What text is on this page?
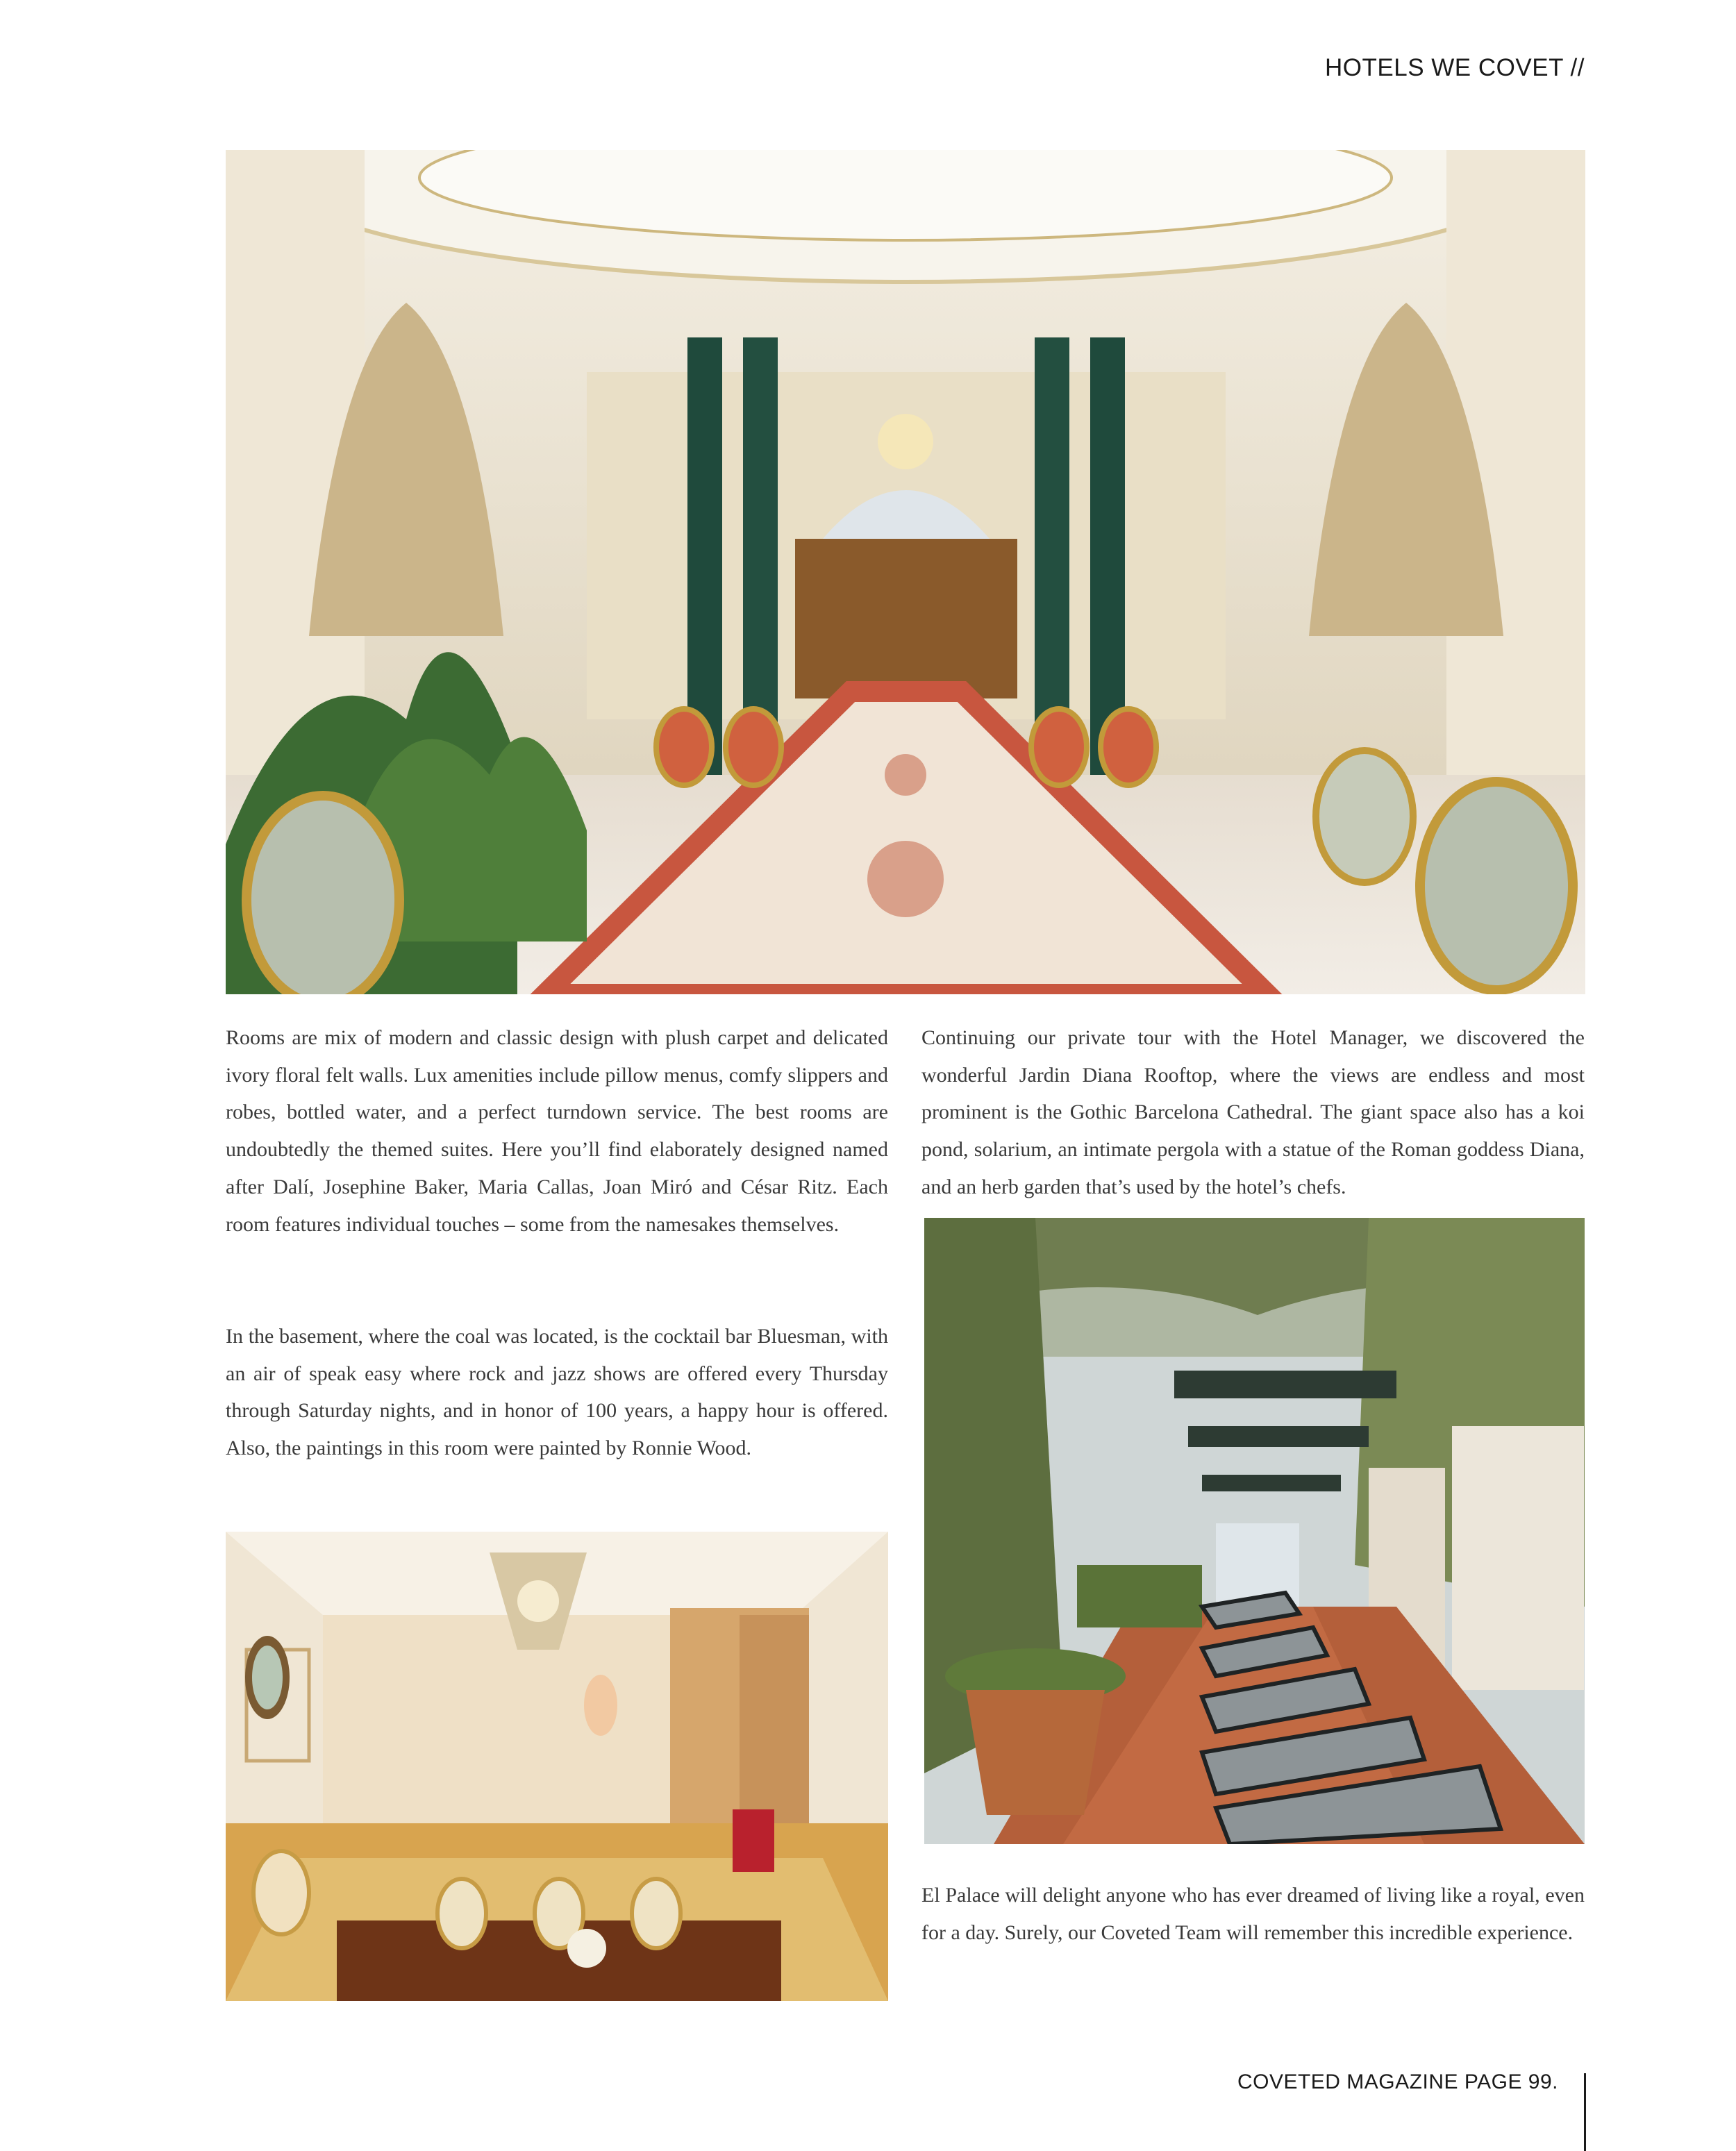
HOTELS WE COVET //

Rooms are mix of modern and classic design with plush carpet and delicated ivory floral felt walls. Lux amenities include pillow menus, comfy slippers and robes, bottled water, and a perfect turndown service. The best rooms are undoubtedly the themed suites. Here you’ll find elaborately designed named after Dalí, Josephine Baker, Maria Callas, Joan Miró and César Ritz. Each room features individual touches – some from the namesakes themselves.

In the basement, where the coal was located, is the cocktail bar Bluesman, with an air of speak easy where rock and jazz shows are offered every Thursday through Saturday nights, and in honor of 100 years, a happy hour is offered. Also, the paintings in this room were painted by Ronnie Wood.

Continuing our private tour with the Hotel Manager, we discovered the wonderful Jardin Diana Rooftop, where the views are endless and most prominent is the Gothic Barcelona Cathedral. The giant space also has a koi pond, solarium, an intimate pergola with a statue of the Roman goddess Diana, and an herb garden that’s used by the hotel’s chefs.

El Palace will delight anyone who has ever dreamed of living like a royal, even for a day. Surely, our Coveted Team will remember this incredible experience.

COVETED MAGAZINE PAGE 99.
